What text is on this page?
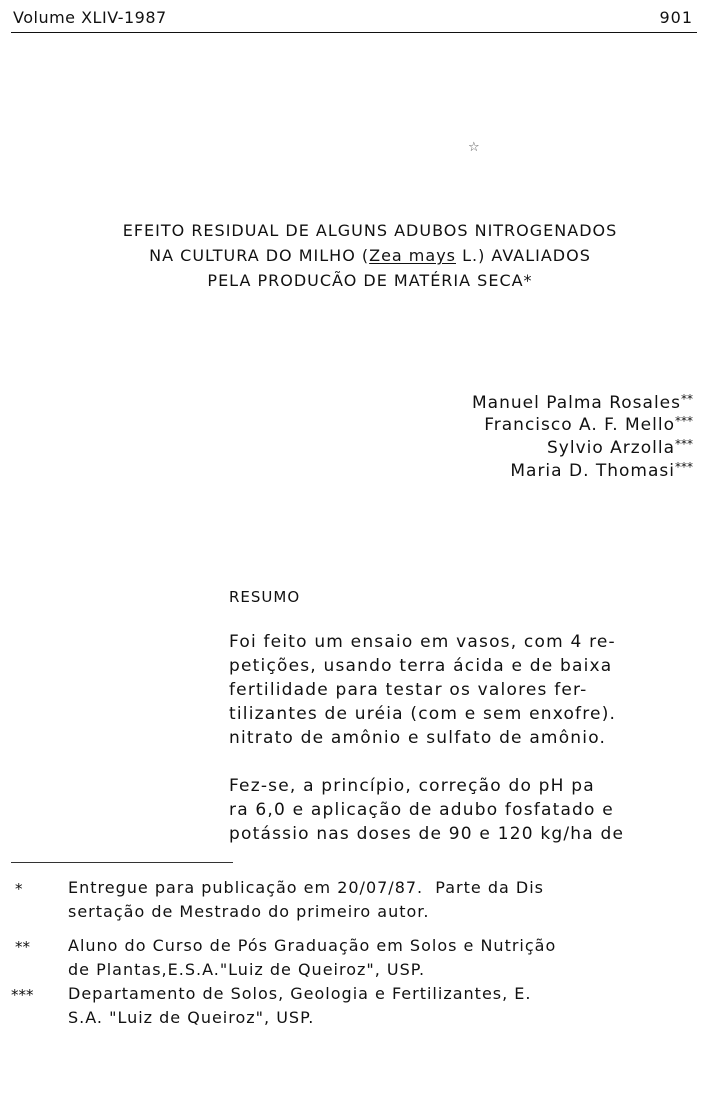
Volume XLIV-1987

	901

☆
EFEITO RESIDUAL DE ALGUNS ADUBOS NITROGENADOS
NA CULTURA DO MILHO (Zea mays L.) AVALIADOS
PELA PRODUCÃO DE MATÉRIA SECA*
Manuel Palma Rosales**
Francisco A. F. Mello***
Sylvio Arzolla***
Maria D. Thomasi***
RESUMO
Foi feito um ensaio em vasos, com 4 re-
petições, usando terra ácida e de baixa
fertilidade para testar os valores fer-
tilizantes de uréia (com e sem enxofre).
nitrato de amônio e sulfato de amônio.
Fez-se, a princípio, correção do pH pa
ra 6,0 e aplicação de adubo fosfatado e
potássio nas doses de 90 e 120 kg/ha de
*	Entregue para publicação em 20/07/87.  Parte da Dis
sertação de Mestrado do primeiro autor.
** Aluno do Curso de Pós Graduação em Solos e Nutrição
de Plantas,E.S.A."Luiz de Queiroz", USP.
*** Departamento de Solos, Geologia e Fertilizantes, E.
S.A. "Luiz de Queiroz", USP.
